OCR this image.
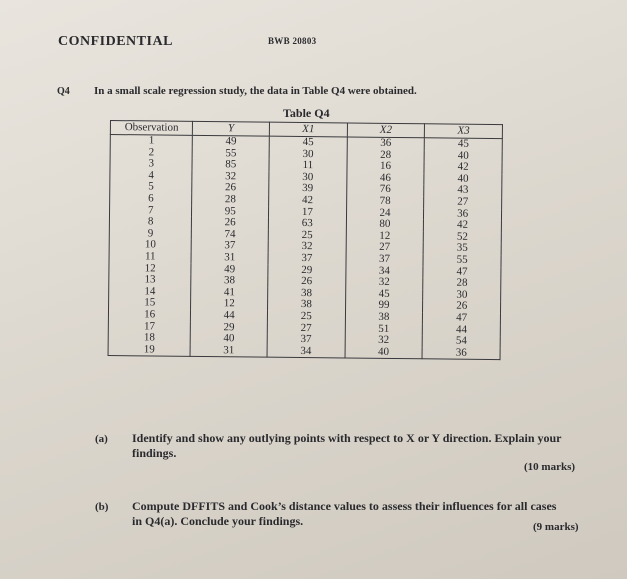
CONFIDENTIAL	BWB 20803
Q4 In a small scale regression study, the data in Table Q4 were obtained.
Table Q4
Observation	Y	X1	X2	X3
1	49	45	36	45
2	55	30	28	40
3	85	11	16	42
4	32	30	46	40
5	26	39	76	43
6	28	42	78	27
7	95	17	24	36
8	26	63	80	42
9	74	25	12	52
10	37	32	27	35
11	31	37	37	55
12	49	29	34	47
13	38	26	32	28
14	41	38	45	30
15	12	38	99	26
16	44	25	38	47
17	29	27	51	44
18	40	37	32	54
19	31	34	40	36
(a) Identify and show any outlying points with respect to X or Y direction. Explain your
findings.
(10 marks)
(b) Compute DFFITS and Cook’s distance values to assess their influences for all cases
in Q4(a). Conclude your findings.	(9 marks)
